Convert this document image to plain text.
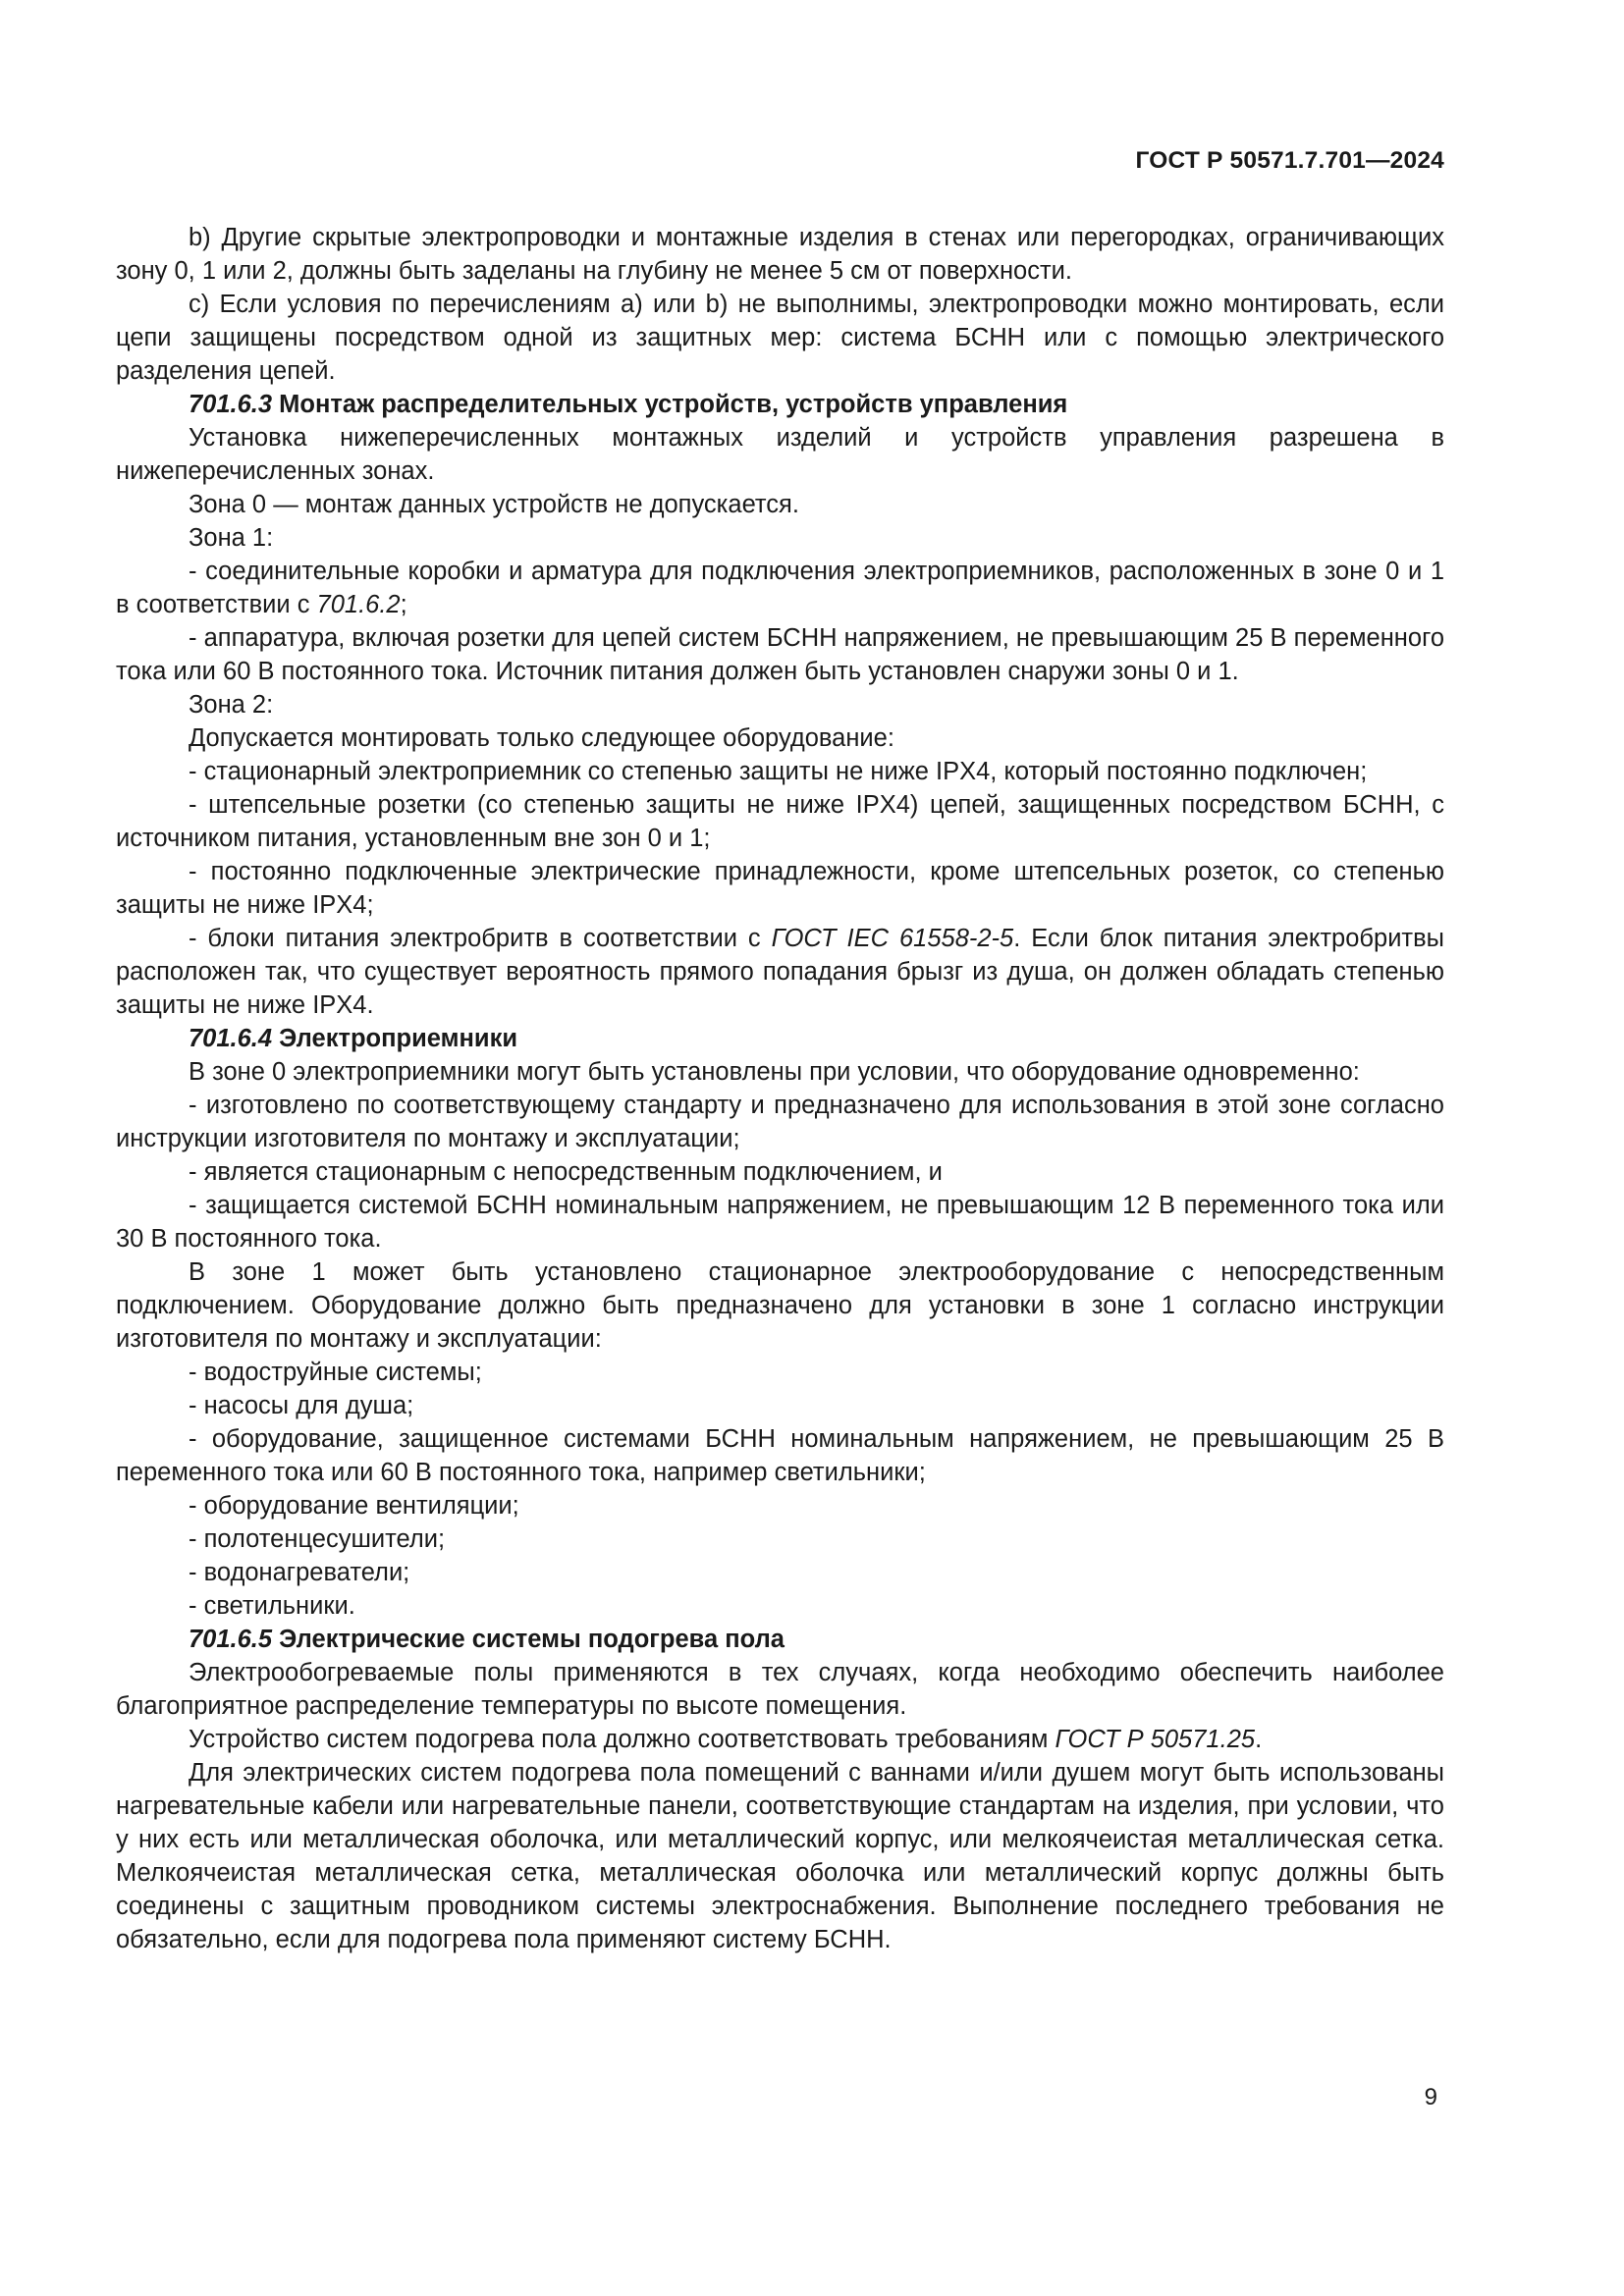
ГОСТ Р 50571.7.701—2024

b) Другие скрытые электропроводки и монтажные изделия в стенах или перегородках, ограничивающих зону 0, 1 или 2, должны быть заделаны на глубину не менее 5 см от поверхности.

c) Если условия по перечислениям a) или b) не выполнимы, электропроводки можно монтировать, если цепи защищены посредством одной из защитных мер: система БСНН или с помощью электрического разделения цепей.

701.6.3 Монтаж распределительных устройств, устройств управления

Установка нижеперечисленных монтажных изделий и устройств управления разрешена в нижеперечисленных зонах.

Зона 0 — монтаж данных устройств не допускается.

Зона 1:

- соединительные коробки и арматура для подключения электроприемников, расположенных в зоне 0 и 1 в соответствии с 701.6.2;

- аппаратура, включая розетки для цепей систем БСНН напряжением, не превышающим 25 В переменного тока или 60 В постоянного тока. Источник питания должен быть установлен снаружи зоны 0 и 1.

Зона 2:

Допускается монтировать только следующее оборудование:

- стационарный электроприемник со степенью защиты не ниже IPX4, который постоянно подключен;

- штепсельные розетки (со степенью защиты не ниже IPX4) цепей, защищенных посредством БСНН, с источником питания, установленным вне зон 0 и 1;

- постоянно подключенные электрические принадлежности, кроме штепсельных розеток, со степенью защиты не ниже IPX4;

- блоки питания электробритв в соответствии с ГОСТ IEC 61558-2-5. Если блок питания электробритвы расположен так, что существует вероятность прямого попадания брызг из душа, он должен обладать степенью защиты не ниже IPX4.

701.6.4 Электроприемники

В зоне 0 электроприемники могут быть установлены при условии, что оборудование одновременно:

- изготовлено по соответствующему стандарту и предназначено для использования в этой зоне согласно инструкции изготовителя по монтажу и эксплуатации;

- является стационарным с непосредственным подключением, и

- защищается системой БСНН номинальным напряжением, не превышающим 12 В переменного тока или 30 В постоянного тока.

В зоне 1 может быть установлено стационарное электрооборудование с непосредственным подключением. Оборудование должно быть предназначено для установки в зоне 1 согласно инструкции изготовителя по монтажу и эксплуатации:

- водоструйные системы;

- насосы для душа;

- оборудование, защищенное системами БСНН номинальным напряжением, не превышающим 25 В переменного тока или 60 В постоянного тока, например светильники;

- оборудование вентиляции;

- полотенцесушители;

- водонагреватели;

- светильники.

701.6.5 Электрические системы подогрева пола

Электрообогреваемые полы применяются в тех случаях, когда необходимо обеспечить наиболее благоприятное распределение температуры по высоте помещения.

Устройство систем подогрева пола должно соответствовать требованиям ГОСТ Р 50571.25.

Для электрических систем подогрева пола помещений с ваннами и/или душем могут быть использованы нагревательные кабели или нагревательные панели, соответствующие стандартам на изделия, при условии, что у них есть или металлическая оболочка, или металлический корпус, или мелкоячеистая металлическая сетка. Мелкоячеистая металлическая сетка, металлическая оболочка или металлический корпус должны быть соединены с защитным проводником системы электроснабжения. Выполнение последнего требования не обязательно, если для подогрева пола применяют систему БСНН.

9
